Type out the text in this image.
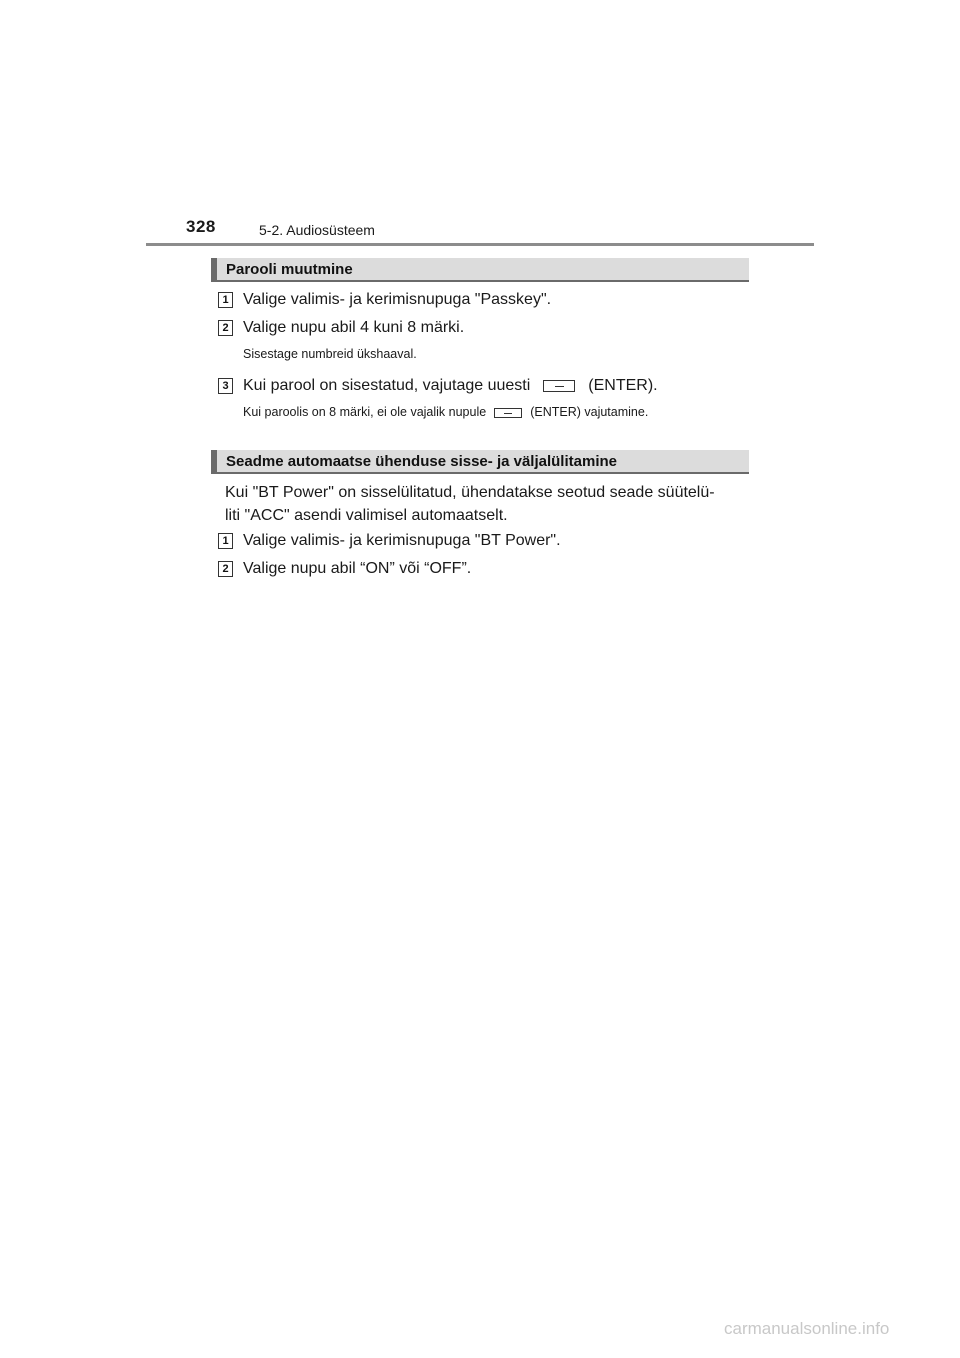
328	5-2. Audiosüsteem
Parooli muutmine
1 Valige valimis- ja kerimisnupuga "Passkey".
2 Valige nupu abil 4 kuni 8 märki.
Sisestage numbreid ükshaaval.
3 Kui parool on sisestatud, vajutage uuesti	(ENTER).
Kui paroolis on 8 märki, ei ole vajalik nupule	(ENTER) vajutamine.
Seadme automaatse ühenduse sisse- ja väljalülitamine
Kui "BT Power" on sisselülitatud, ühendatakse seotud seade süütelü-
liti "ACC" asendi valimisel automaatselt.
1 Valige valimis- ja kerimisnupuga "BT Power".
2 Valige nupu abil “ON” või “OFF”.
carmanualsonline.info
